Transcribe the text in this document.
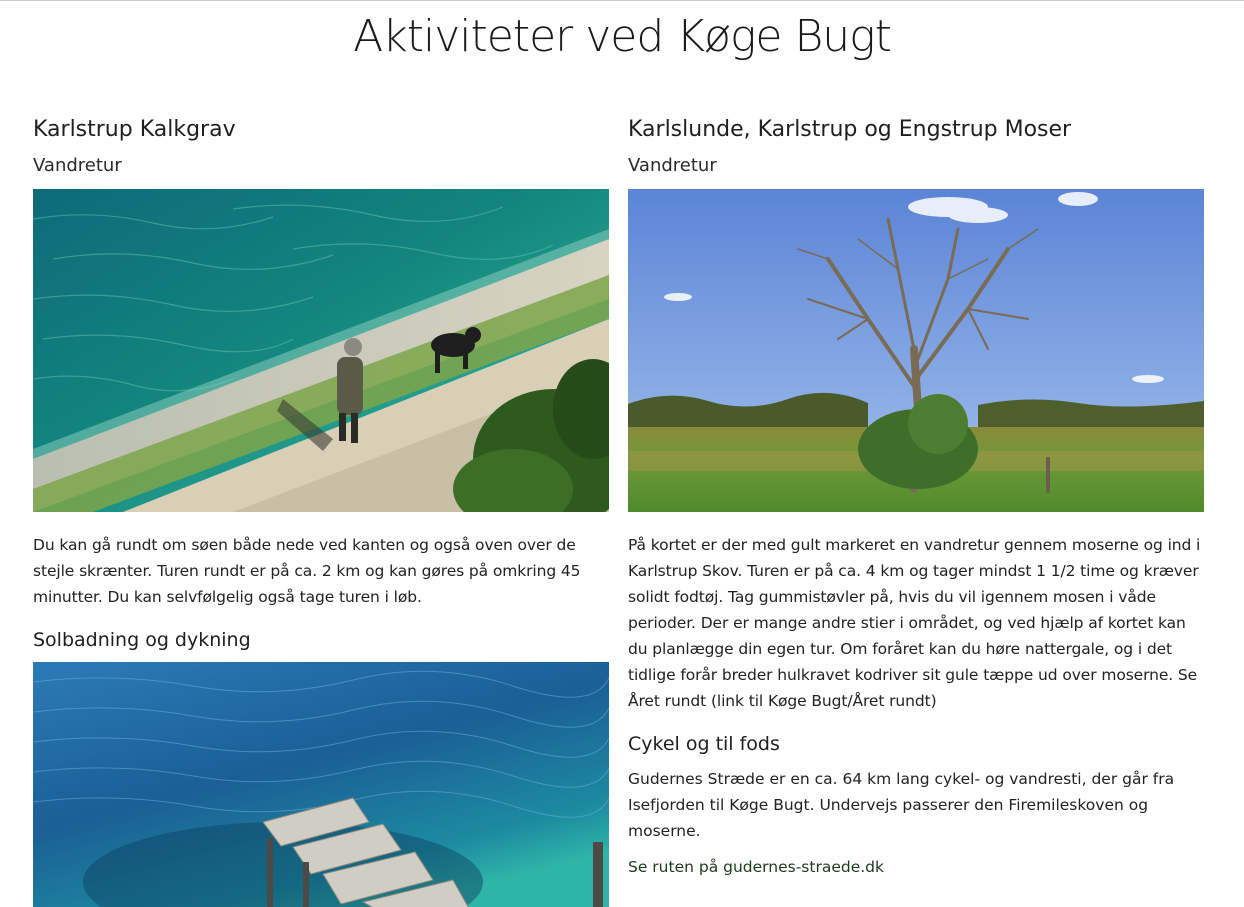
Aktiviteter ved Køge Bugt
Karlstrup Kalkgrav
Vandretur

Du kan gå rundt om søen både nede ved kanten og også oven over de stejle skrænter. Turen rundt er på ca. 2 km og kan gøres på omkring 45 minutter. Du kan selvfølgelig også tage turen i løb.

Solbadning og dykning
Karlslunde, Karlstrup og Engstrup Moser
Vandretur

På kortet er der med gult markeret en vandretur gennem moserne og ind i Karlstrup Skov. Turen er på ca. 4 km og tager mindst 1 1/2 time og kræver solidt fodtøj. Tag gummistøvler på, hvis du vil igennem mosen i våde perioder. Der er mange andre stier i området, og ved hjælp af kortet kan du planlægge din egen tur. Om foråret kan du høre nattergale, og i det tidlige forår breder hulkravet kodriver sit gule tæppe ud over moserne. Se Året rundt (link til Køge Bugt/Året rundt)

Cykel og til fods

Gudernes Stræde er en ca. 64 km lang cykel- og vandresti, der går fra Isefjorden til Køge Bugt. Undervejs passerer den Firemileskoven og moserne.

Se ruten på gudernes-straede.dk
